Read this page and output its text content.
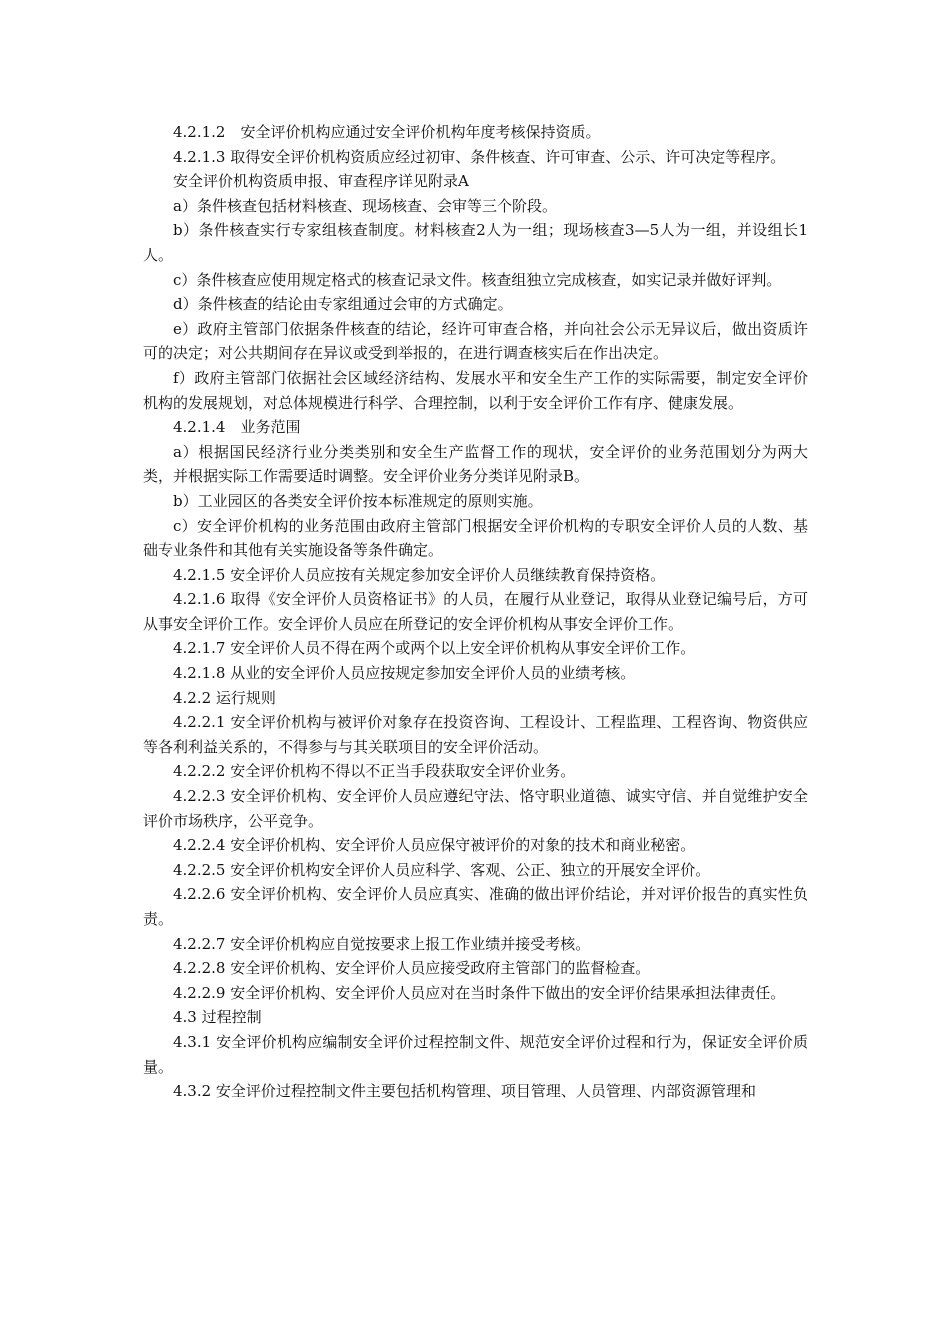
4.2.1.2　安全评价机构应通过安全评价机构年度考核保持资质。

4.2.1.3 取得安全评价机构资质应经过初审、条件核查、许可审查、公示、许可决定等程序。

安全评价机构资质申报、审查程序详见附录A

a）条件核查包括材料核查、现场核查、会审等三个阶段。

b）条件核查实行专家组核查制度。材料核查2人为一组；现场核查3—5人为一组，并设组长1人。

c）条件核查应使用规定格式的核查记录文件。核查组独立完成核查，如实记录并做好评判。

d）条件核查的结论由专家组通过会审的方式确定。

e）政府主管部门依据条件核查的结论，经许可审查合格，并向社会公示无异议后，做出资质许可的决定；对公共期间存在异议或受到举报的，在进行调查核实后在作出决定。

f）政府主管部门依据社会区域经济结构、发展水平和安全生产工作的实际需要，制定安全评价机构的发展规划，对总体规模进行科学、合理控制，以利于安全评价工作有序、健康发展。

4.2.1.4　业务范围

a）根据国民经济行业分类类别和安全生产监督工作的现状，安全评价的业务范围划分为两大类，并根据实际工作需要适时调整。安全评价业务分类详见附录B。

b）工业园区的各类安全评价按本标准规定的原则实施。

c）安全评价机构的业务范围由政府主管部门根据安全评价机构的专职安全评价人员的人数、基础专业条件和其他有关实施设备等条件确定。

4.2.1.5 安全评价人员应按有关规定参加安全评价人员继续教育保持资格。

4.2.1.6 取得《安全评价人员资格证书》的人员，在履行从业登记，取得从业登记编号后，方可从事安全评价工作。安全评价人员应在所登记的安全评价机构从事安全评价工作。

4.2.1.7 安全评价人员不得在两个或两个以上安全评价机构从事安全评价工作。

4.2.1.8 从业的安全评价人员应按规定参加安全评价人员的业绩考核。

4.2.2 运行规则

4.2.2.1 安全评价机构与被评价对象存在投资咨询、工程设计、工程监理、工程咨询、物资供应等各利利益关系的，不得参与与其关联项目的安全评价活动。

4.2.2.2 安全评价机构不得以不正当手段获取安全评价业务。

4.2.2.3 安全评价机构、安全评价人员应遵纪守法、恪守职业道德、诚实守信、并自觉维护安全评价市场秩序，公平竞争。

4.2.2.4 安全评价机构、安全评价人员应保守被评价的对象的技术和商业秘密。

4.2.2.5 安全评价机构安全评价人员应科学、客观、公正、独立的开展安全评价。

4.2.2.6 安全评价机构、安全评价人员应真实、准确的做出评价结论，并对评价报告的真实性负责。

4.2.2.7 安全评价机构应自觉按要求上报工作业绩并接受考核。

4.2.2.8 安全评价机构、安全评价人员应接受政府主管部门的监督检查。

4.2.2.9 安全评价机构、安全评价人员应对在当时条件下做出的安全评价结果承担法律责任。

4.3 过程控制

4.3.1 安全评价机构应编制安全评价过程控制文件、规范安全评价过程和行为，保证安全评价质量。

4.3.2 安全评价过程控制文件主要包括机构管理、项目管理、人员管理、内部资源管理和
